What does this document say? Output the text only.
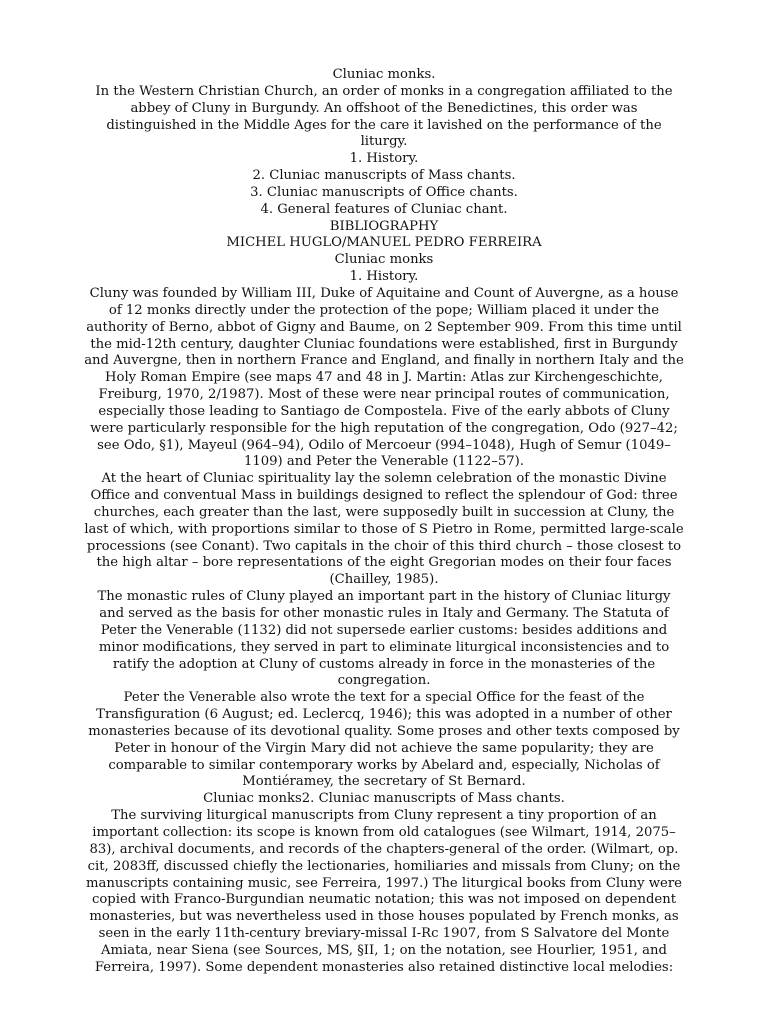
Cluniac monks.

In the Western Christian Church, an order of monks in a congregation affiliated to the abbey of Cluny in Burgundy. An offshoot of the Benedictines, this order was distinguished in the Middle Ages for the care it lavished on the performance of the liturgy.

1. History.

2. Cluniac manuscripts of Mass chants.

3. Cluniac manuscripts of Office chants.

4. General features of Cluniac chant.

BIBLIOGRAPHY

MICHEL HUGLO/MANUEL PEDRO FERREIRA

Cluniac monks

1. History.

Cluny was founded by William III, Duke of Aquitaine and Count of Auvergne, as a house of 12 monks directly under the protection of the pope; William placed it under the authority of Berno, abbot of Gigny and Baume, on 2 September 909. From this time until the mid-12th century, daughter Cluniac foundations were established, first in Burgundy and Auvergne, then in northern France and England, and finally in northern Italy and the Holy Roman Empire (see maps 47 and 48 in J. Martin: Atlas zur Kirchengeschichte, Freiburg, 1970, 2/1987). Most of these were near principal routes of communication, especially those leading to Santiago de Compostela. Five of the early abbots of Cluny were particularly responsible for the high reputation of the congregation, Odo (927–42; see Odo, §1), Mayeul (964–94), Odilo of Mercoeur (994–1048), Hugh of Semur (1049–1109) and Peter the Venerable (1122–57).

At the heart of Cluniac spirituality lay the solemn celebration of the monastic Divine Office and conventual Mass in buildings designed to reflect the splendour of God: three churches, each greater than the last, were supposedly built in succession at Cluny, the last of which, with proportions similar to those of S Pietro in Rome, permitted large-scale processions (see Conant). Two capitals in the choir of this third church – those closest to the high altar – bore representations of the eight Gregorian modes on their four faces (Chailley, 1985).

The monastic rules of Cluny played an important part in the history of Cluniac liturgy and served as the basis for other monastic rules in Italy and Germany. The Statuta of Peter the Venerable (1132) did not supersede earlier customs: besides additions and minor modifications, they served in part to eliminate liturgical inconsistencies and to ratify the adoption at Cluny of customs already in force in the monasteries of the congregation.

Peter the Venerable also wrote the text for a special Office for the feast of the Transfiguration (6 August; ed. Leclercq, 1946); this was adopted in a number of other monasteries because of its devotional quality. Some proses and other texts composed by Peter in honour of the Virgin Mary did not achieve the same popularity; they are comparable to similar contemporary works by Abelard and, especially, Nicholas of Montiéramey, the secretary of St Bernard.

Cluniac monks2. Cluniac manuscripts of Mass chants.

The surviving liturgical manuscripts from Cluny represent a tiny proportion of an important collection: its scope is known from old catalogues (see Wilmart, 1914, 2075–83), archival documents, and records of the chapters-general of the order. (Wilmart, op. cit, 2083ff, discussed chiefly the lectionaries, homiliaries and missals from Cluny; on the manuscripts containing music, see Ferreira, 1997.) The liturgical books from Cluny were copied with Franco-Burgundian neumatic notation; this was not imposed on dependent monasteries, but was nevertheless used in those houses populated by French monks, as seen in the early 11th-century breviary-missal I-Rc 1907, from S Salvatore del Monte Amiata, near Siena (see Sources, MS, §II, 1; on the notation, see Hourlier, 1951, and Ferreira, 1997). Some dependent monasteries also retained distinctive local melodies:
